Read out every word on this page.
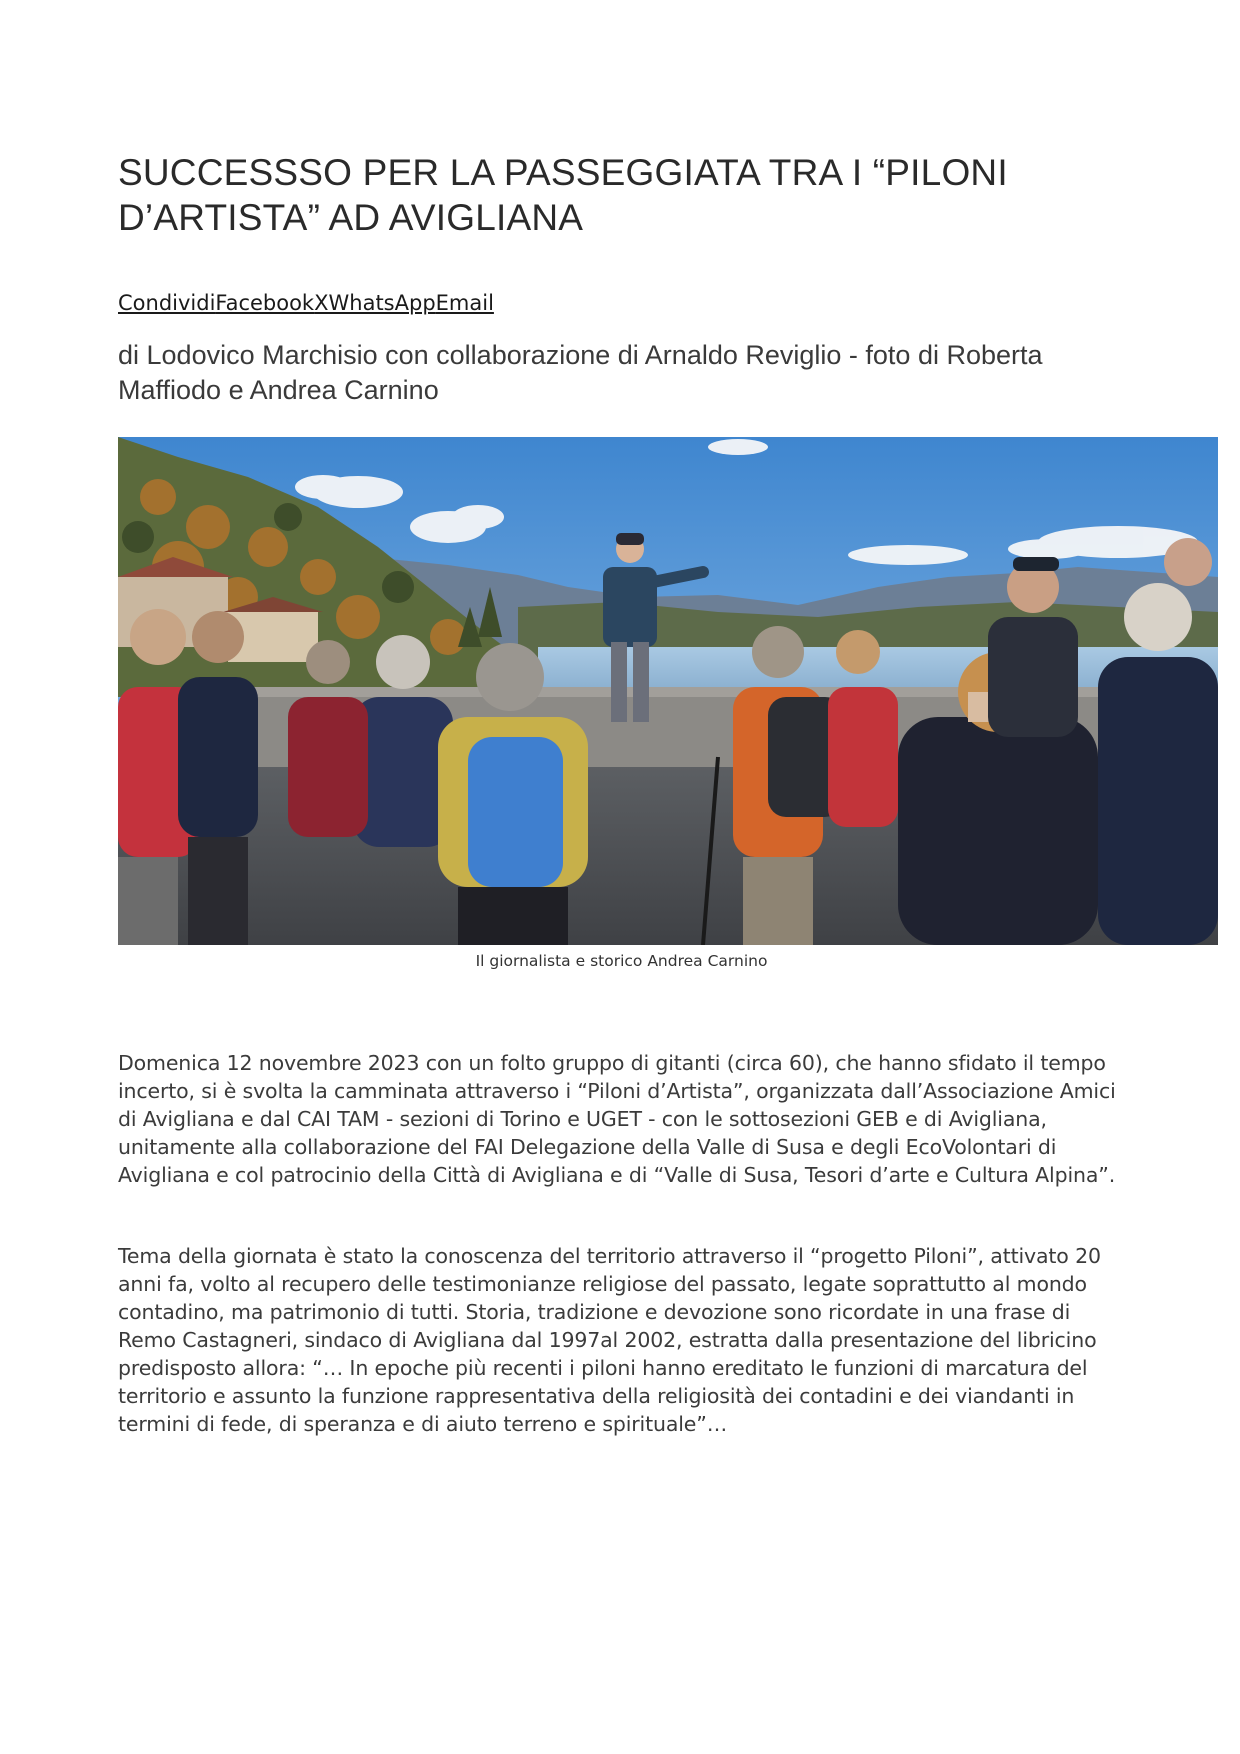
SUCCESSSO PER LA PASSEGGIATA TRA I “PILONI D’ARTISTA” AD AVIGLIANA
CondividiFacebookXWhatsAppEmail

di Lodovico Marchisio con collaborazione di Arnaldo Reviglio - foto di Roberta Maffiodo e Andrea Carnino

Il giornalista e storico Andrea Carnino

Domenica 12 novembre 2023 con un folto gruppo di gitanti (circa 60), che hanno sfidato il tempo incerto, si è svolta la camminata attraverso i “Piloni d’Artista”, organizzata dall’Associazione Amici di Avigliana e dal CAI TAM - sezioni di Torino e UGET - con le sottosezioni GEB e di Avigliana, unitamente alla collaborazione del FAI Delegazione della Valle di Susa e degli EcoVolontari di Avigliana e col patrocinio della Città di Avigliana e di “Valle di Susa, Tesori d’arte e Cultura Alpina”.

Tema della giornata è stato la conoscenza del territorio attraverso il “progetto Piloni”, attivato 20 anni fa, volto al recupero delle testimonianze religiose del passato, legate soprattutto al mondo contadino, ma patrimonio di tutti. Storia, tradizione e devozione sono ricordate in una frase di Remo Castagneri, sindaco di Avigliana dal 1997al 2002, estratta dalla presentazione del libricino predisposto allora: “… In epoche più recenti i piloni hanno ereditato le funzioni di marcatura del territorio e assunto la funzione rappresentativa della religiosità dei contadini e dei viandanti in termini di fede, di speranza e di aiuto terreno e spirituale”…
